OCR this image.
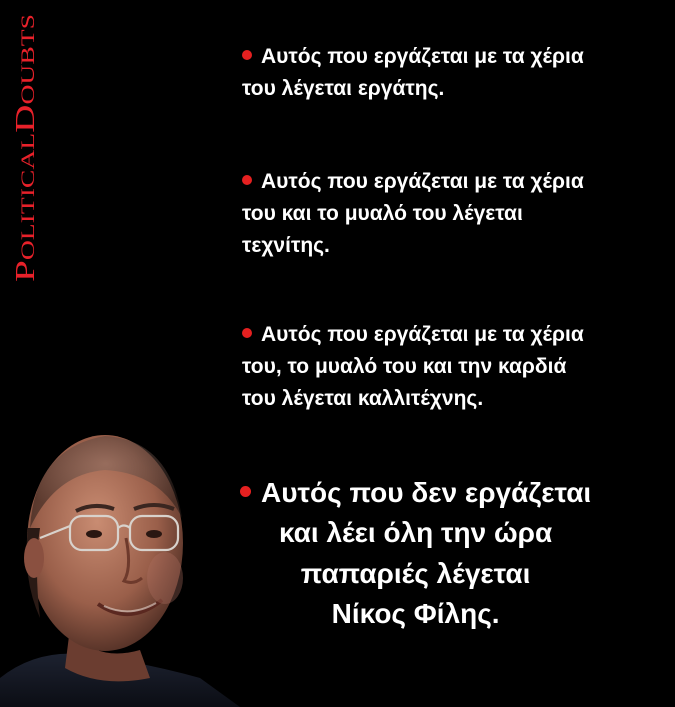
PoliticalDoubts
Αυτός που εργάζεται με τα χέρια
του λέγεται εργάτης.
Αυτός που εργάζεται με τα χέρια
του και το μυαλό του λέγεται
τεχνίτης.
Αυτός που εργάζεται με τα χέρια
του, το μυαλό του και την καρδιά
του λέγεται καλλιτέχνης.
Αυτός που δεν εργάζεται
και λέει όλη την ώρα
παπαριές λέγεται
Νίκος Φίλης.
